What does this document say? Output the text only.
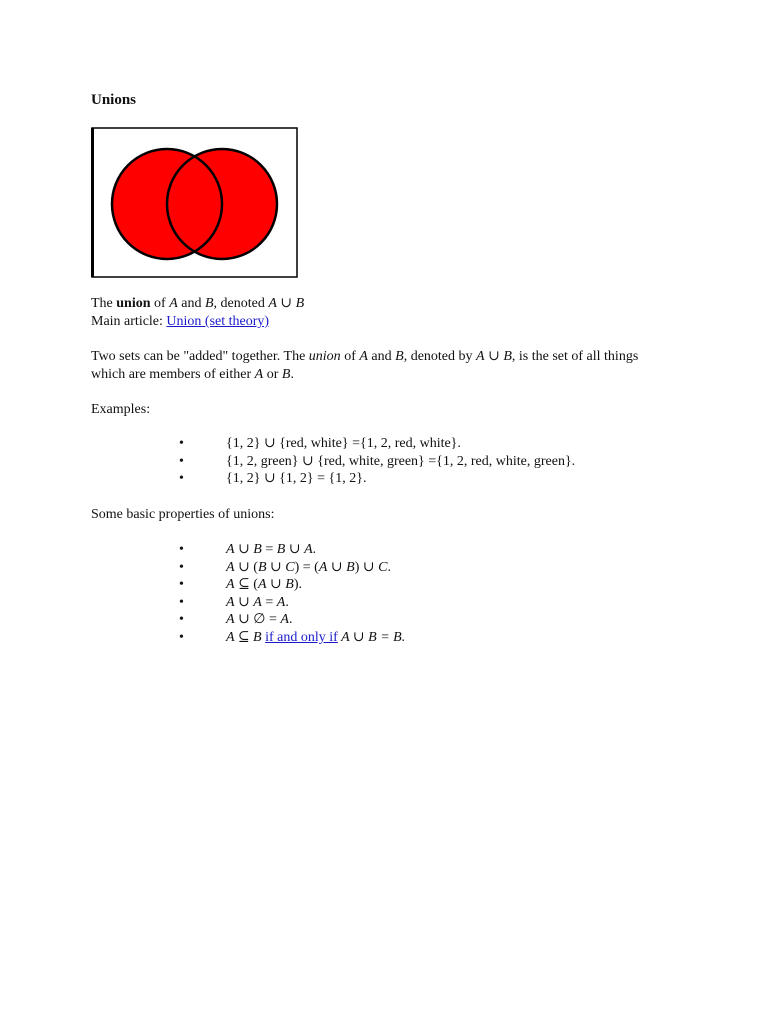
Unions
The union of A and B, denoted A ∪ B
Main article: Union (set theory)
Two sets can be "added" together. The union of A and B, denoted by A ∪ B, is the set of all things which are members of either A or B.
Examples:
•	{1, 2} ∪ {red, white} ={1, 2, red, white}.
•	{1, 2, green} ∪ {red, white, green} ={1, 2, red, white, green}.
•	{1, 2} ∪ {1, 2} = {1, 2}.
Some basic properties of unions:
•	A ∪ B = B ∪ A.
•	A ∪ (B ∪ C) = (A ∪ B) ∪ C.
•	A ⊆ (A ∪ B).
•	A ∪ A = A.
•	A ∪ ∅ = A.
•	A ⊆ B if and only if A ∪ B = B.
